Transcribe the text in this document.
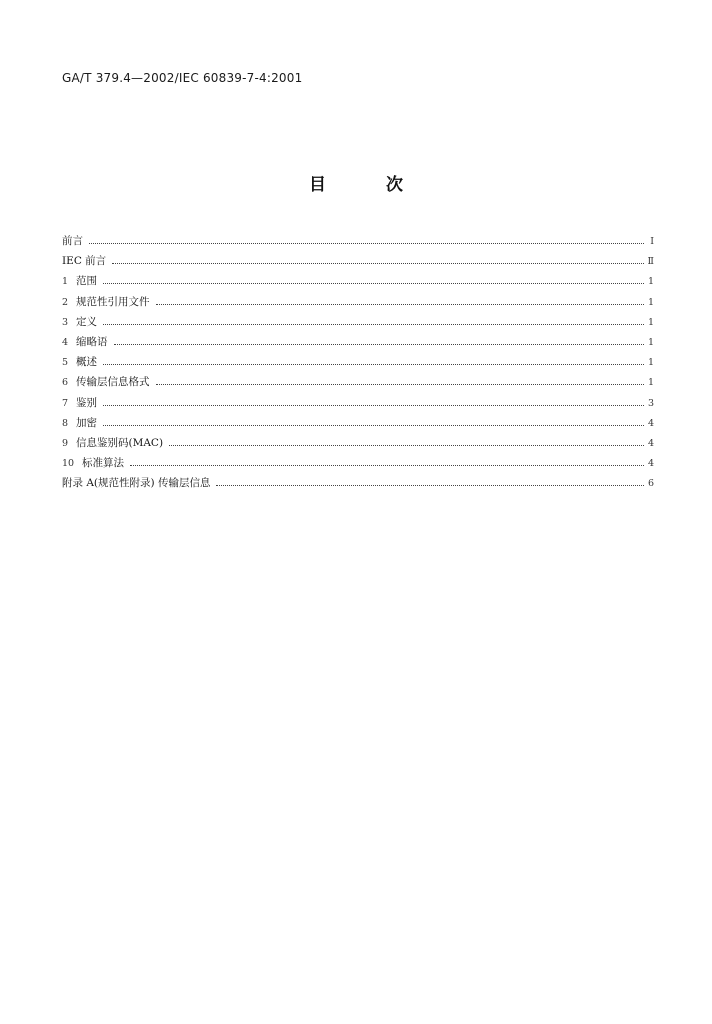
GA/T 379.4—2002/IEC 60839-7-4:2001
目	次
前言	I
IEC 前言	Ⅱ
1 范围	1
2 规范性引用文件	1
3 定义	1
4 缩略语	1
5 概述	1
6 传输层信息格式	1
7 鉴别	3
8 加密	4
9 信息鉴别码(MAC)	4
10 标准算法	4
附录 A(规范性附录) 传输层信息	6
